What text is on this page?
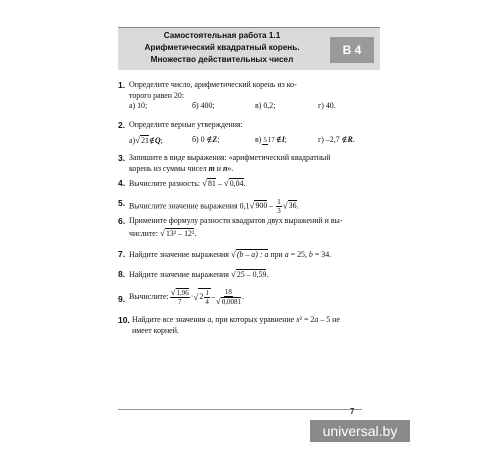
Самостоятельная работа 1.1
Арифметический квадратный корень.
Множество действительных чисел
В 4
1. Определите число, арифметический корень из ко-
торого равен 20:
а) 10;	б) 400;	в) 0,2;	г) 40.
2. Определите верные утверждения:
а)√21∉Q;	б) 0 ∉Z;	в)517∉I;	г) –2,7 ∉R.
3. Запишите в виде выражения: «арифметический квадратный
корень из суммы чисел m и n».
4. Вычислите разность: √81 – √0,04.
5. Вычислите значение выражения $0,1√900 - \frac{1}{3} √36$.
6. Примените формулу разности квадратов двух выражений и вы-
числите: √13² – 12².
7. Найдите значение выражения √(b – a) : a при a = 25, b = 34.
8. Найдите значение выражения √25 – 0,59.
9. Вычислите: $\frac{√1,96}{7}$ · √ $2 \frac{1}{4} - \frac{18}{√0,0081}$ .
10. Найдите все значения a, при которых уравнение x² = 2a – 5 не
имеет корней.
7
universal.by
